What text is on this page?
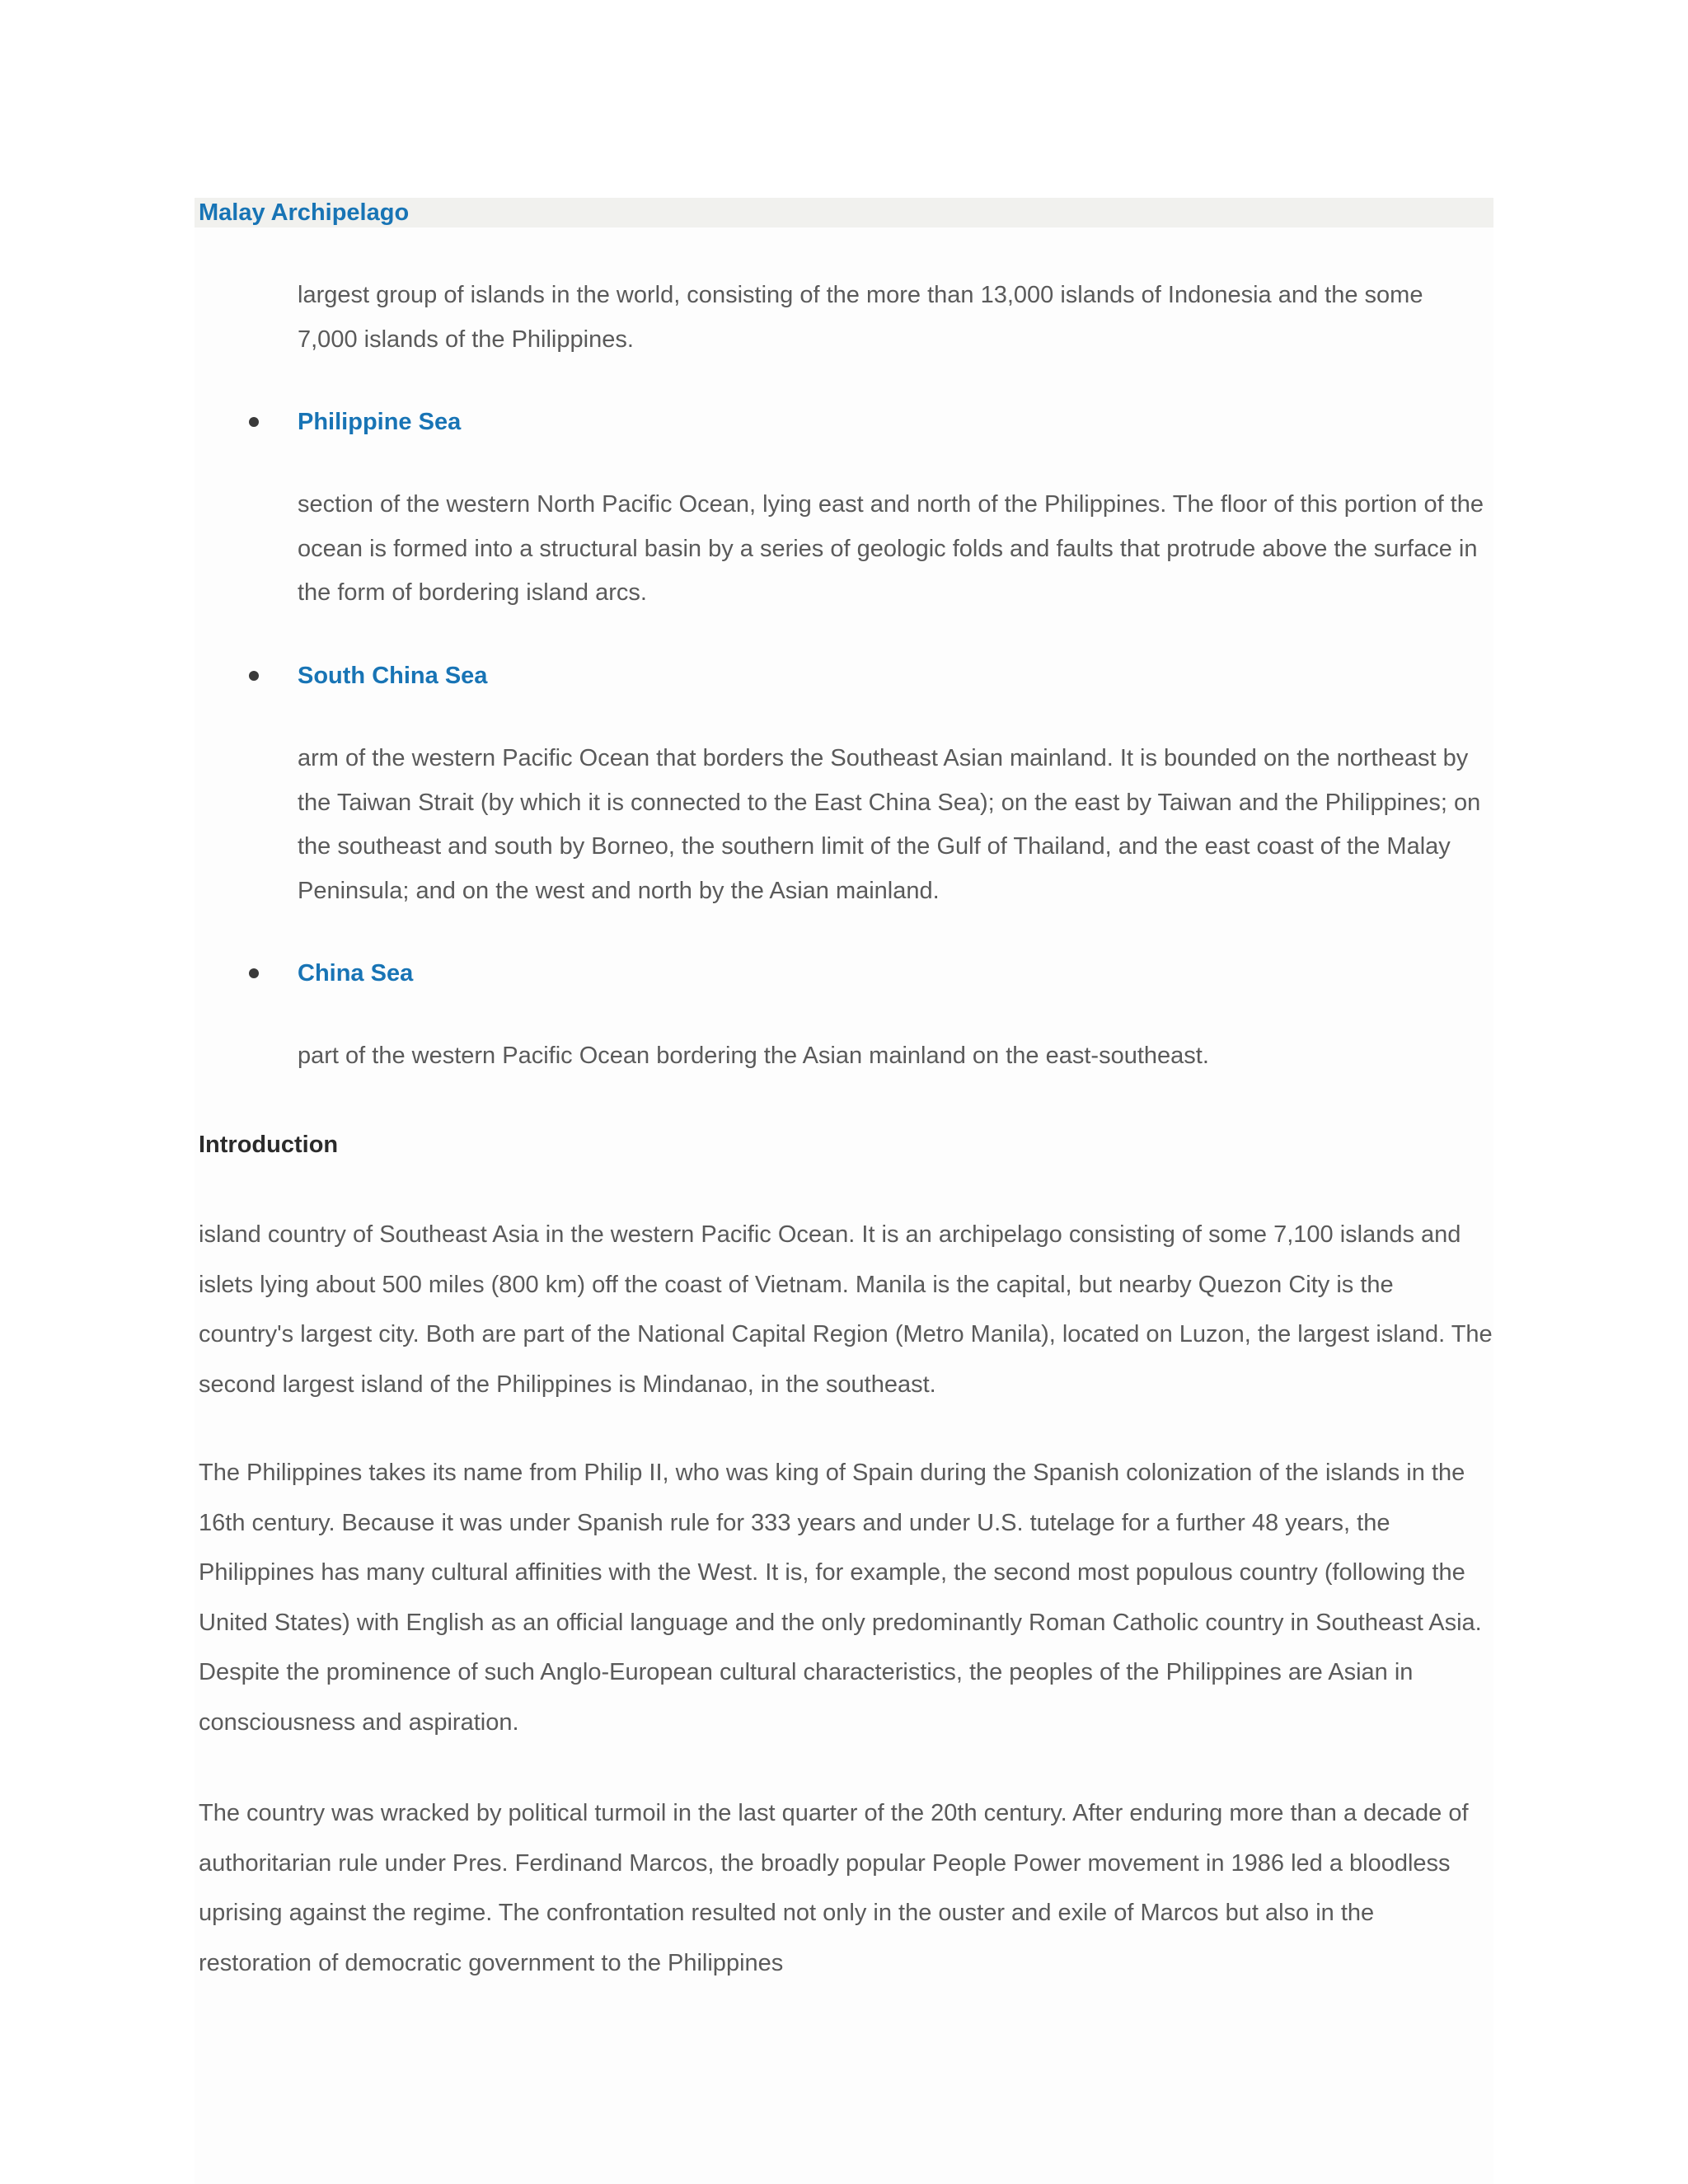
Malay Archipelago
largest group of islands in the world, consisting of the more than 13,000 islands of Indonesia and the some 7,000 islands of the Philippines.
Philippine Sea
section of the western North Pacific Ocean, lying east and north of the Philippines. The floor of this portion of the ocean is formed into a structural basin by a series of geologic folds and faults that protrude above the surface in the form of bordering island arcs.
South China Sea
arm of the western Pacific Ocean that borders the Southeast Asian mainland. It is bounded on the northeast by the Taiwan Strait (by which it is connected to the East China Sea); on the east by Taiwan and the Philippines; on the southeast and south by Borneo, the southern limit of the Gulf of Thailand, and the east coast of the Malay Peninsula; and on the west and north by the Asian mainland.
China Sea
part of the western Pacific Ocean bordering the Asian mainland on the east-southeast.
Introduction
island country of Southeast Asia in the western Pacific Ocean. It is an archipelago consisting of some 7,100 islands and islets lying about 500 miles (800 km) off the coast of Vietnam. Manila is the capital, but nearby Quezon City is the country's largest city. Both are part of the National Capital Region (Metro Manila), located on Luzon, the largest island. The second largest island of the Philippines is Mindanao, in the southeast.
The Philippines takes its name from Philip II, who was king of Spain during the Spanish colonization of the islands in the 16th century. Because it was under Spanish rule for 333 years and under U.S. tutelage for a further 48 years, the Philippines has many cultural affinities with the West. It is, for example, the second most populous country (following the United States) with English as an official language and the only predominantly Roman Catholic country in Southeast Asia. Despite the prominence of such Anglo-European cultural characteristics, the peoples of the Philippines are Asian in consciousness and aspiration.
The country was wracked by political turmoil in the last quarter of the 20th century. After enduring more than a decade of authoritarian rule under Pres. Ferdinand Marcos, the broadly popular People Power movement in 1986 led a bloodless uprising against the regime. The confrontation resulted not only in the ouster and exile of Marcos but also in the restoration of democratic government to the Philippines
